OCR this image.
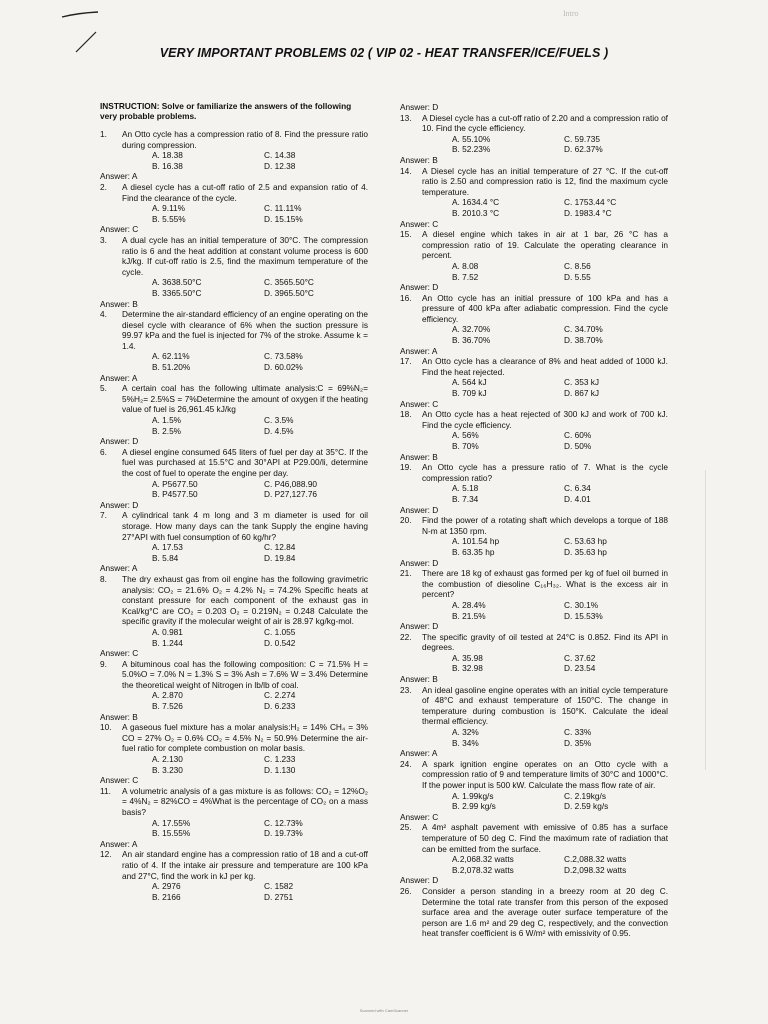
Intro
VERY IMPORTANT PROBLEMS 02 ( VIP 02 - HEAT TRANSFER/ICE/FUELS )
INSTRUCTION: Solve or familiarize the answers of the following very probable problems.
1.	An Otto cycle has a compression ratio of 8. Find the pressure ratio during compression.
A. 18.38	C. 14.38
B. 16.38	D. 12.38
Answer: A
2.	A diesel cycle has a cut-off ratio of 2.5 and expansion ratio of 4. Find the clearance of the cycle.
A. 9.11%	C. 11.11%
B. 5.55%	D. 15.15%
Answer: C
3.	A dual cycle has an initial temperature of 30°C. The compression ratio is 6 and the heat addition at constant volume process is 600 kJ/kg. If cut-off ratio is 2.5, find the maximum temperature of the cycle.
A. 3638.50°C	C. 3565.50°C
B. 3365.50°C	D. 3965.50°C
Answer: B
4.	Determine the air-standard efficiency of an engine operating on the diesel cycle with clearance of 6% when the suction pressure is 99.97 kPa and the fuel is injected for 7% of the stroke. Assume k = 1.4.
A. 62.11%	C. 73.58%
B. 51.20%	D. 60.02%
Answer: A
5.	A certain coal has the following ultimate analysis:C = 69%N₂= 5%H₂= 2.5%S = 7%Determine the amount of oxygen if the heating value of fuel is 26,961.45 kJ/kg
A. 1.5%	C. 3.5%
B. 2.5%	D. 4.5%
Answer: D
6.	A diesel engine consumed 645 liters of fuel per day at 35°C. If the fuel was purchased at 15.5°C and 30°API at P29.00/li, determine the cost of fuel to operate the engine per day.
A. P5677.50	C. P46,088.90
B. P4577.50	D. P27,127.76
Answer: D
7.	A cylindrical tank 4 m long and 3 m diameter is used for oil storage. How many days can the tank Supply the engine having 27°API with fuel consumption of 60 kg/hr?
A. 17.53	C. 12.84
B. 5.84	D. 19.84
Answer: A
8.	The dry exhaust gas from oil engine has the following gravimetric analysis: CO₂ = 21.6% O₂ = 4.2% N₂ = 74.2% Specific heats at constant pressure for each component of the exhaust gas in Kcal/kg°C are CO₂ = 0.203 O₂ = 0.219N₂ = 0.248 Calculate the specific gravity if the molecular weight of air is 28.97 kg/kg-mol.
A. 0.981	C. 1.055
B. 1.244	D. 0.542
Answer: C
9.	A bituminous coal has the following composition: C = 71.5% H = 5.0%O = 7.0% N = 1.3% S = 3% Ash = 7.6% W = 3.4% Determine the theoretical weight of Nitrogen in lb/lb of coal.
A. 2.870	C. 2.274
B. 7.526	D. 6.233
Answer: B
10.	A gaseous fuel mixture has a molar analysis:H₂ = 14% CH₄ = 3% CO = 27% O₂ = 0.6% CO₂ = 4.5% N₂ = 50.9% Determine the air-fuel ratio for complete combustion on molar basis.
A. 2.130	C. 1.233
B. 3.230	D. 1.130
Answer: C
11.	A volumetric analysis of a gas mixture is as follows: CO₂ = 12%O₂ = 4%N₂ = 82%CO = 4%What is the percentage of CO₂ on a mass basis?
A. 17.55%	C. 12.73%
B. 15.55%	D. 19.73%
Answer: A
12.	An air standard engine has a compression ratio of 18 and a cut-off ratio of 4. If the intake air pressure and temperature are 100 kPa and 27°C, find the work in kJ per kg.
A. 2976	C. 1582
B. 2166	D. 2751
Answer: D
13.	A Diesel cycle has a cut-off ratio of 2.20 and a compression ratio of 10. Find the cycle efficiency.
A. 55.10%	C. 59.735
B. 52.23%	D. 62.37%
Answer: B
14.	A Diesel cycle has an initial temperature of 27 °C. If the cut-off ratio is 2.50 and compression ratio is 12, find the maximum cycle temperature.
A. 1634.4 °C	C. 1753.44 °C
B. 2010.3 °C	D. 1983.4 °C
Answer: C
15.	A diesel engine which takes in air at 1 bar, 26 °C has a compression ratio of 19. Calculate the operating clearance in percent.
A. 8.08	C. 8.56
B. 7.52	D. 5.55
Answer: D
16.	An Otto cycle has an initial pressure of 100 kPa and has a pressure of 400 kPa after adiabatic compression. Find the cycle efficiency.
A. 32.70%	C. 34.70%
B. 36.70%	D. 38.70%
Answer: A
17.	An Otto cycle has a clearance of 8% and heat added of 1000 kJ. Find the heat rejected.
A. 564 kJ	C. 353 kJ
B. 709 kJ	D. 867 kJ
Answer: C
18.	An Otto cycle has a heat rejected of 300 kJ and work of 700 kJ. Find the cycle efficiency.
A. 56%	C. 60%
B. 70%	D. 50%
Answer: B
19.	An Otto cycle has a pressure ratio of 7. What is the cycle compression ratio?
A. 5.18	C. 6.34
B. 7.34	D. 4.01
Answer: D
20.	Find the power of a rotating shaft which develops a torque of 188 N-m at 1350 rpm.
A. 101.54 hp	C. 53.63 hp
B. 63.35 hp	D. 35.63 hp
Answer: D
21.	There are 18 kg of exhaust gas formed per kg of fuel oil burned in the combustion of diesoline C₁₆H₃₂. What is the excess air in percent?
A. 28.4%	C. 30.1%
B. 21.5%	D. 15.53%
Answer: D
22.	The specific gravity of oil tested at 24°C is 0.852. Find its API in degrees.
A. 35.98	C. 37.62
B. 32.98	D. 23.54
Answer: B
23.	An ideal gasoline engine operates with an initial cycle temperature of 48°C and exhaust temperature of 150°C. The change in temperature during combustion is 150°K. Calculate the ideal thermal efficiency.
A. 32%	C. 33%
B. 34%	D. 35%
Answer: A
24.	A spark ignition engine operates on an Otto cycle with a compression ratio of 9 and temperature limits of 30°C and 1000°C. If the power input is 500 kW. Calculate the mass flow rate of air.
A. 1.99kg/s	C. 2.19kg/s
B. 2.99 kg/s	D. 2.59 kg/s
Answer: C
25.	A 4m² asphalt pavement with emissive of 0.85 has a surface temperature of 50 deg C. Find the maximum rate of radiation that can be emitted from the surface.
A.2,068.32 watts	C.2,088.32 watts
B.2,078.32 watts	D.2,098.32 watts
Answer: D
26.	Consider a person standing in a breezy room at 20 deg C. Determine the total rate transfer from this person of the exposed surface area and the average outer surface temperature of the person are 1.6 m² and 29 deg C, respectively, and the convection heat transfer coefficient is 6 W/m² with emissivity of 0.95.
Scanned with CamScanner
